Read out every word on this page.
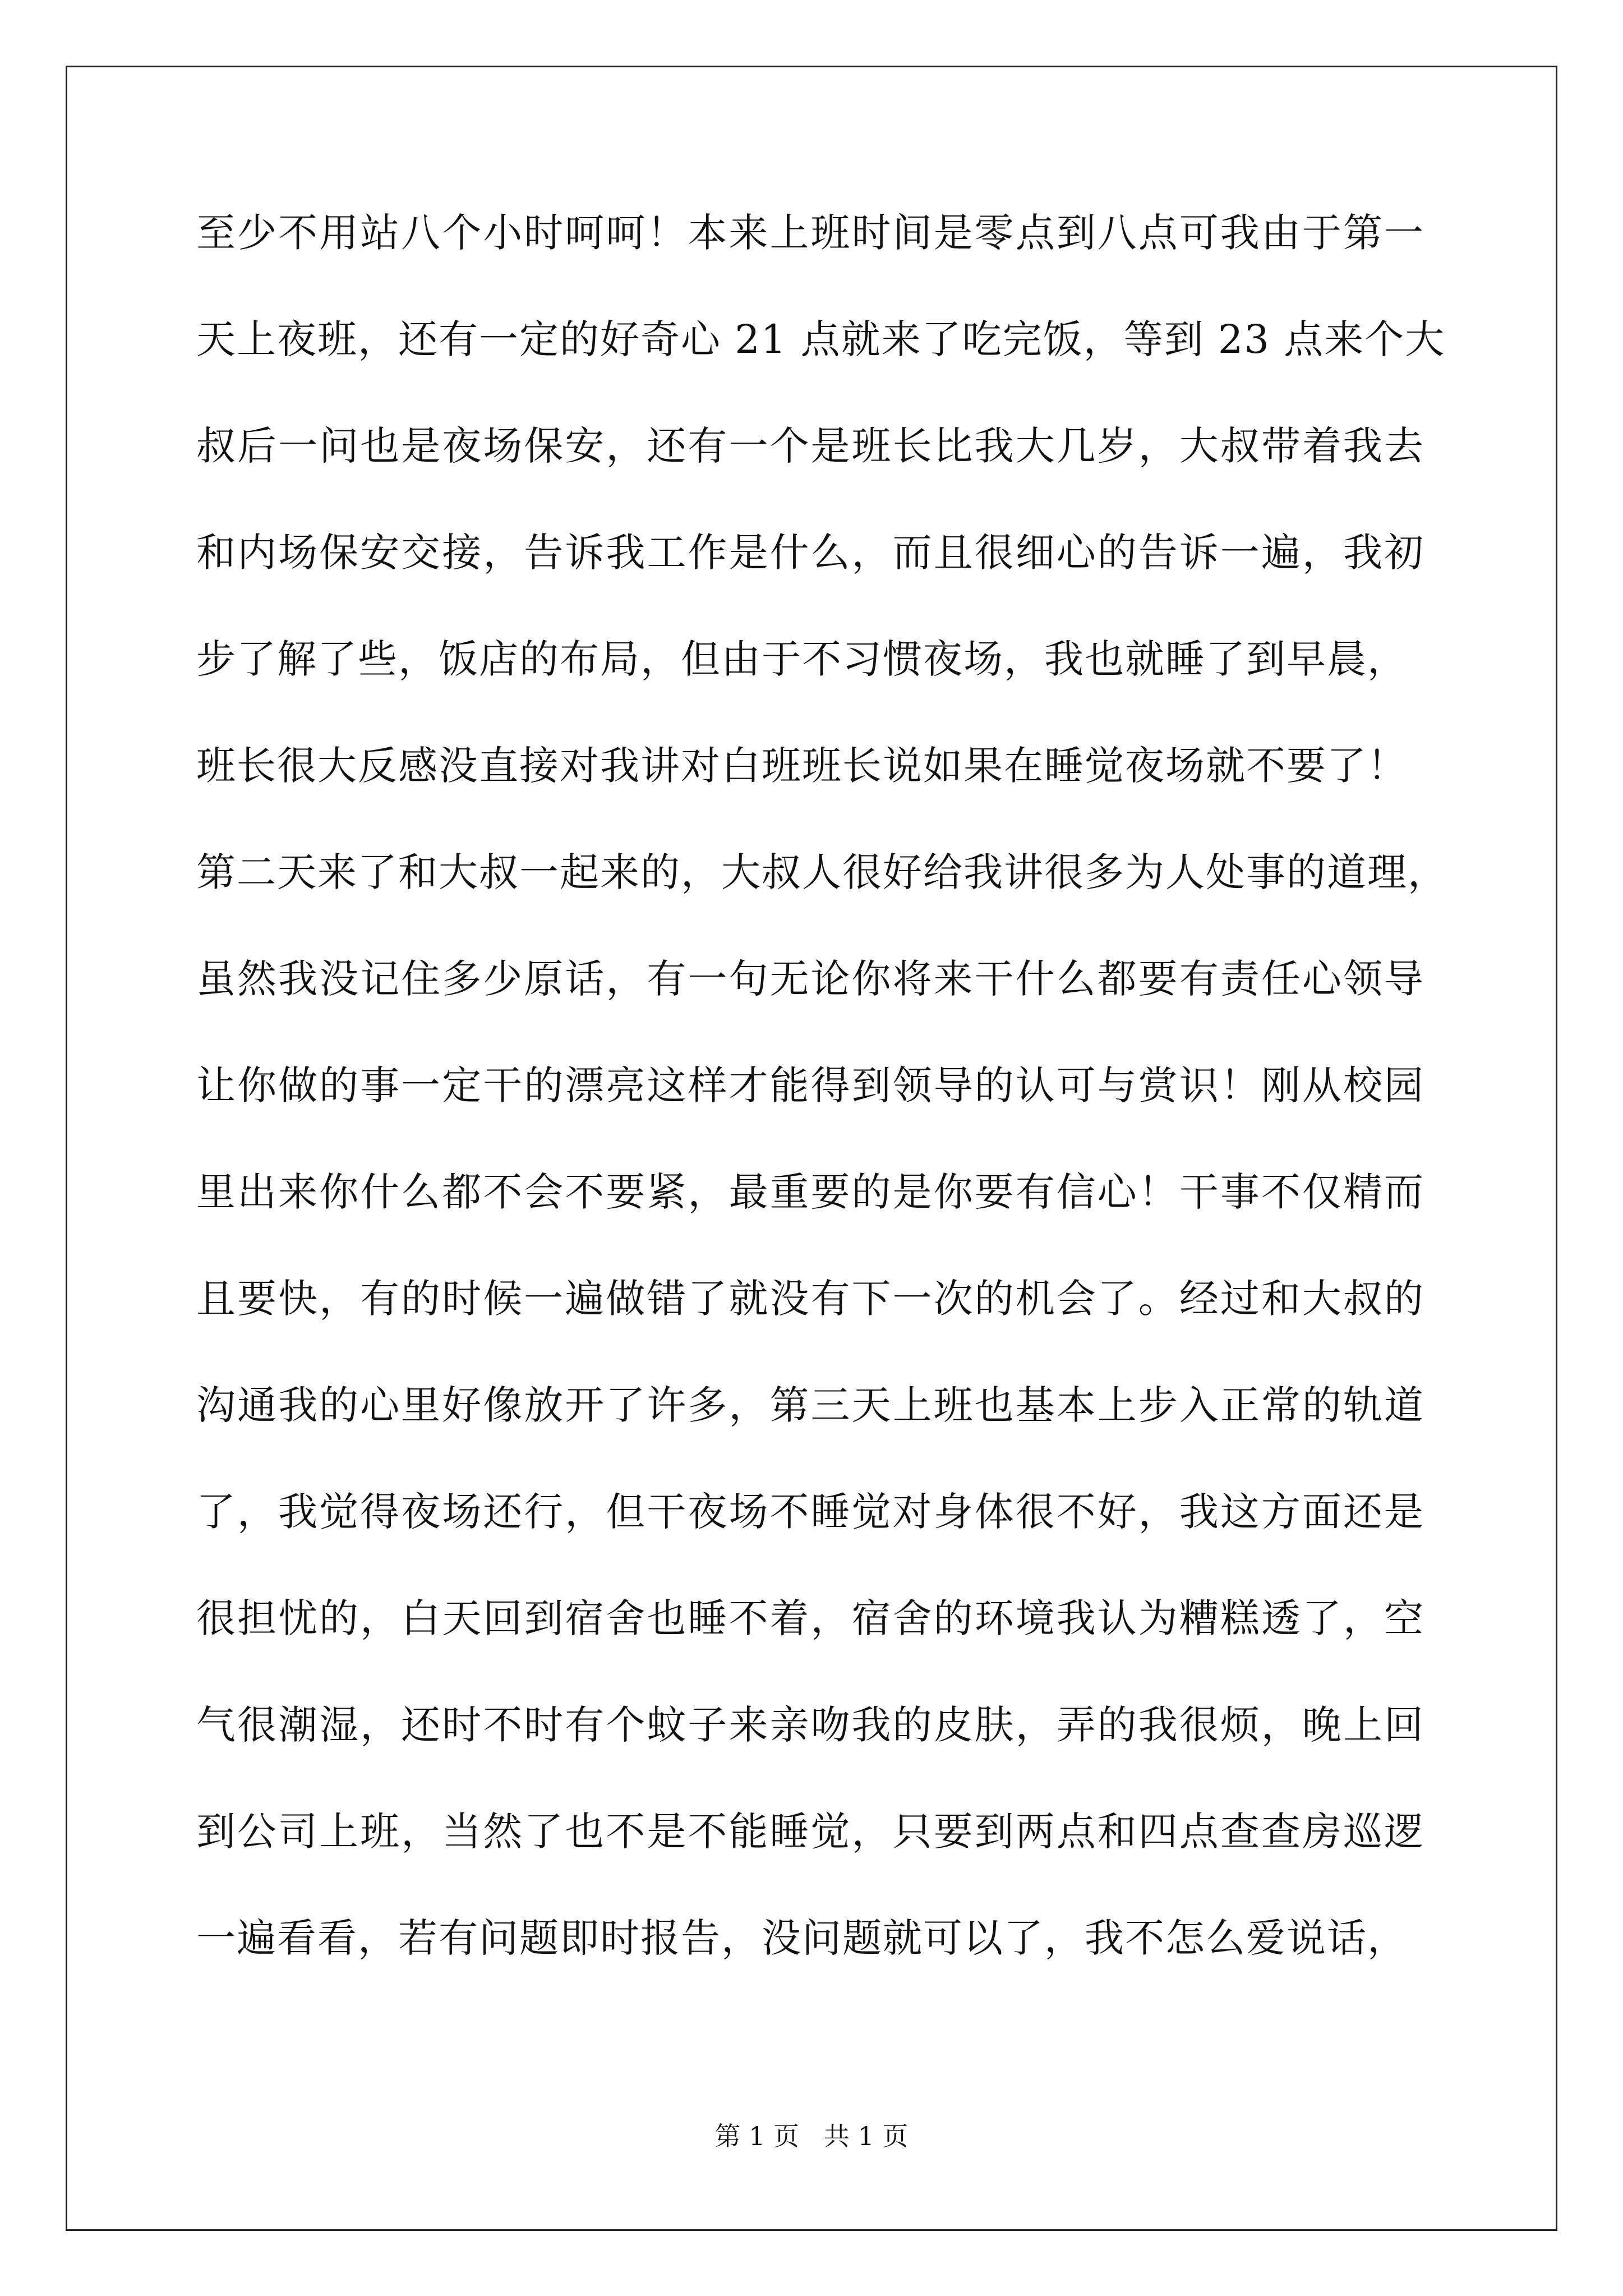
至少不用站八个小时呵呵！本来上班时间是零点到八点可我由于第一
天上夜班，还有一定的好奇心 21 点就来了吃完饭，等到 23 点来个大
叔后一问也是夜场保安，还有一个是班长比我大几岁，大叔带着我去
和内场保安交接，告诉我工作是什么，而且很细心的告诉一遍，我初
步了解了些，饭店的布局，但由于不习惯夜场，我也就睡了到早晨，
班长很大反感没直接对我讲对白班班长说如果在睡觉夜场就不要了！
第二天来了和大叔一起来的，大叔人很好给我讲很多为人处事的道理，
虽然我没记住多少原话，有一句无论你将来干什么都要有责任心领导
让你做的事一定干的漂亮这样才能得到领导的认可与赏识！刚从校园
里出来你什么都不会不要紧，最重要的是你要有信心！干事不仅精而
且要快，有的时候一遍做错了就没有下一次的机会了。经过和大叔的
沟通我的心里好像放开了许多，第三天上班也基本上步入正常的轨道
了，我觉得夜场还行，但干夜场不睡觉对身体很不好，我这方面还是
很担忧的，白天回到宿舍也睡不着，宿舍的环境我认为糟糕透了，空
气很潮湿，还时不时有个蚊子来亲吻我的皮肤，弄的我很烦，晚上回
到公司上班，当然了也不是不能睡觉，只要到两点和四点查查房巡逻
一遍看看，若有问题即时报告，没问题就可以了，我不怎么爱说话，
第 1 页   共 1 页
